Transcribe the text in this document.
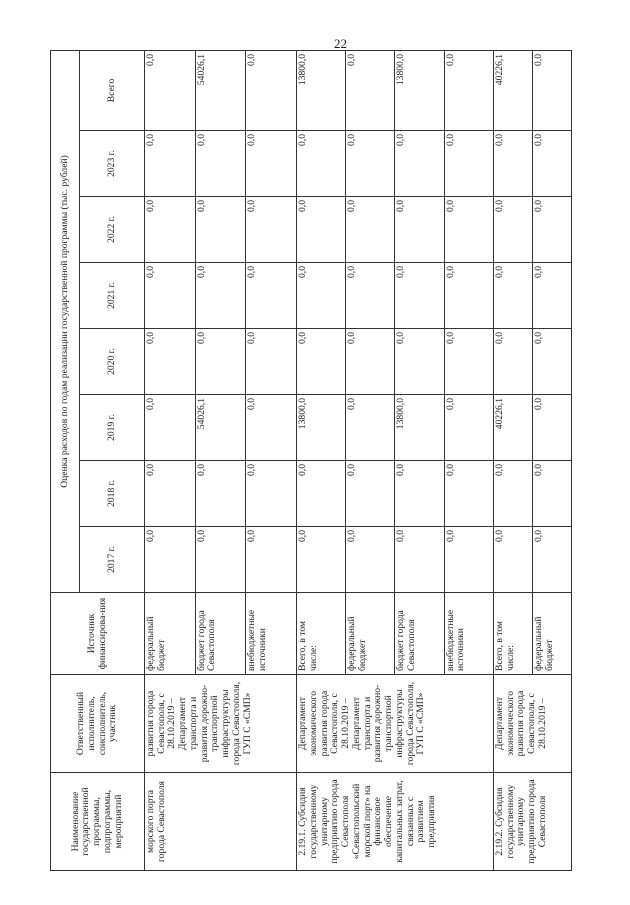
22
Наименование государственной программы, подпрограммы, мероприятий	Ответственный исполнитель, соисполнитель, участник	Источник финансирова-ния	Оценка расходов по годам реализации государственной программы (тыс. рублей)							
			2017 г.	2018 г.	2019 г.	2020 г.	2021 г.	2022 г.	2023 г.	Всего
морского порта города Севастополя	развития города Севастополя, с 28.10.2019 – Департамент транспорта и развития дорожно-транспортной инфраструктуры города Севастополя, ГУП С «СМП»	федеральный бюджет	0,0	0,0	0,0	0,0	0,0	0,0	0,0	0,0
		бюджет города Севастополя	0,0	0,0	54026,1	0,0	0,0	0,0	0,0	54026,1
		внебюджетные источники	0,0	0,0	0,0	0,0	0,0	0,0	0,0	0,0
2.19.1. Субсидия государственному унитарному предприятию города Севастополя «Севастопольский морской порт» на финансовое обеспечение капитальных затрат, связанных с развитием предприятия	Департамент экономического развития города Севастополя, с 28.10.2019 – Департамент транспорта и развития дорожно-транспортной инфраструктуры города Севастополя, ГУП С «СМП»	Всего, в том числе:	0,0	0,0	13800,0	0,0	0,0	0,0	0,0	13800,0
		федеральный бюджет	0,0	0,0	0,0	0,0	0,0	0,0	0,0	0,0
		бюджет города Севастополя	0,0	0,0	13800,0	0,0	0,0	0,0	0,0	13800,0
		внебюджетные источники	0,0	0,0	0,0	0,0	0,0	0,0	0,0	0,0
2.19.2. Субсидия государственному унитарному предприятию города Севастополя	Департамент экономического развития города Севастополя, с 28.10.2019 –	Всего, в том числе:	0,0	0,0	40226,1	0,0	0,0	0,0	0,0	40226,1
		федеральный бюджет	0,0	0,0	0,0	0,0	0,0	0,0	0,0	0,0
